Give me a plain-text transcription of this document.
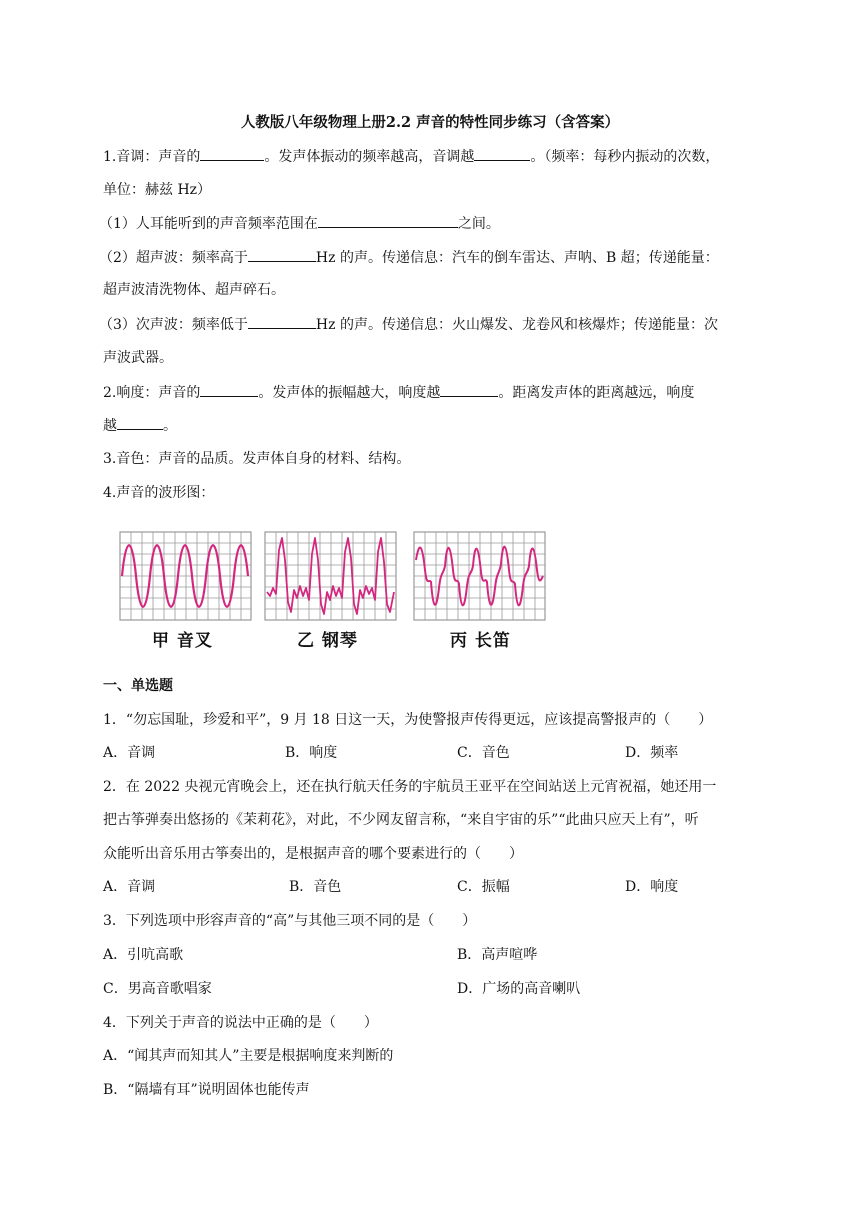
人教版八年级物理上册2.2 声音的特性同步练习（含答案）
1.音调：声音的	。发声体振动的频率越高，音调越	。（频率：每秒内振动的次数，
单位：赫兹 Hz）
（1）人耳能听到的声音频率范围在	之间。
（2）超声波：频率高于	Hz 的声。传递信息：汽车的倒车雷达、声呐、B 超；传递能量：
超声波清洗物体、超声碎石。
（3）次声波：频率低于	Hz 的声。传递信息：火山爆发、龙卷风和核爆炸；传递能量：次
声波武器。
2.响度：声音的	。发声体的振幅越大，响度越	。距离发声体的距离越远，响度
越	。
3.音色：声音的品质。发声体自身的材料、结构。
4.声音的波形图：
甲 音叉	乙 钢琴	丙 长笛
一、单选题
1．“勿忘国耻，珍爱和平”，9 月 18 日这一天，为使警报声传得更远，应该提高警报声的（　　）
A．音调	B．响度	C．音色	D．频率
2．在 2022 央视元宵晚会上，还在执行航天任务的宇航员王亚平在空间站送上元宵祝福，她还用一
把古筝弹奏出悠扬的《茉莉花》，对此，不少网友留言称，“来自宇宙的乐”“此曲只应天上有”，听
众能听出音乐用古筝奏出的，是根据声音的哪个要素进行的（　　）
A．音调	B．音色	C．振幅	D．响度
3．下列选项中形容声音的“高”与其他三项不同的是（　　）
A．引吭高歌	B．高声喧哗
C．男高音歌唱家	D．广场的高音喇叭
4．下列关于声音的说法中正确的是（　　）
A．“闻其声而知其人”主要是根据响度来判断的
B．“隔墙有耳”说明固体也能传声
